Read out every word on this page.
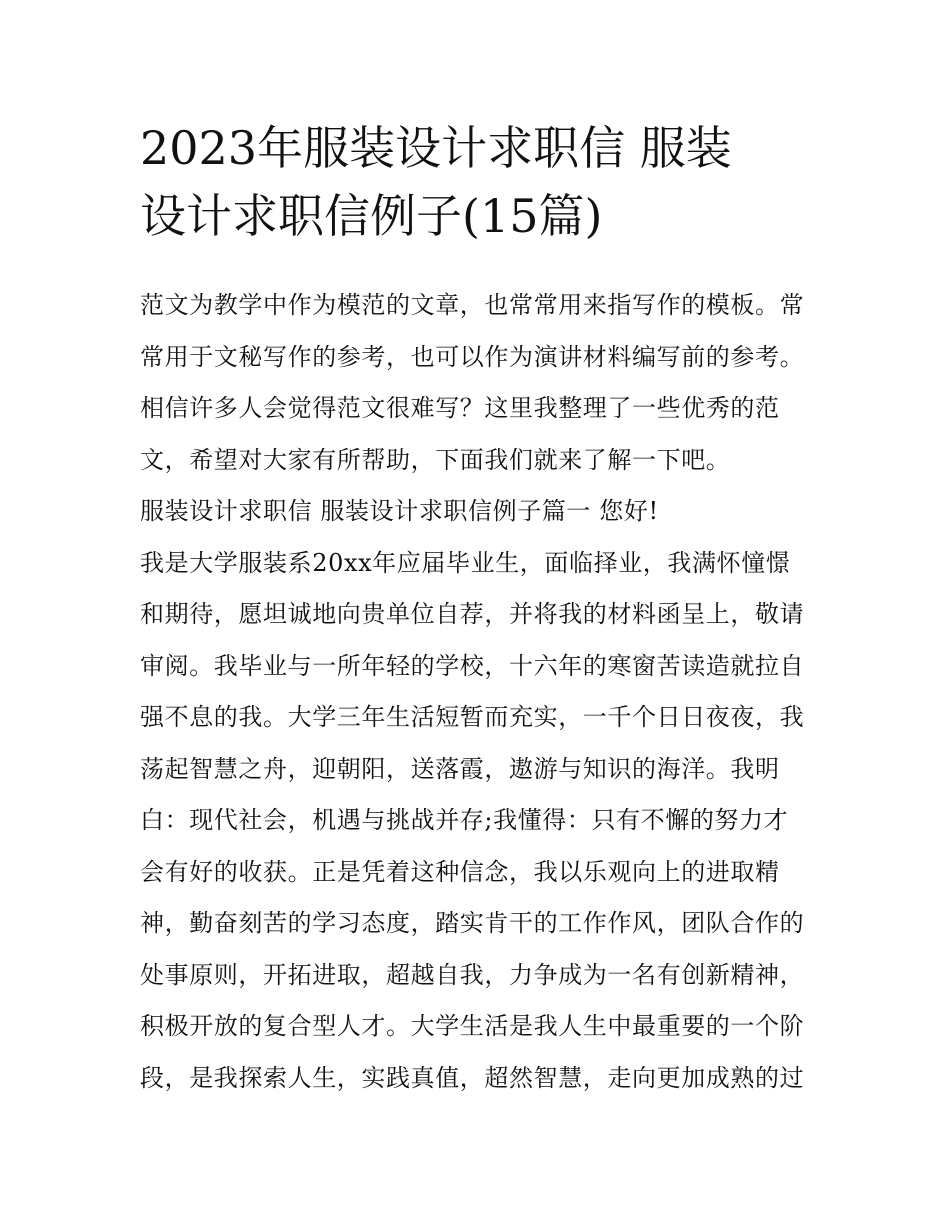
2023年服装设计求职信 服装
设计求职信例子(15篇)
范文为教学中作为模范的文章，也常常用来指写作的模板。常
常用于文秘写作的参考，也可以作为演讲材料编写前的参考。
相信许多人会觉得范文很难写？这里我整理了一些优秀的范
文，希望对大家有所帮助，下面我们就来了解一下吧。
服装设计求职信 服装设计求职信例子篇一 您好!
我是大学服装系20xx年应届毕业生，面临择业，我满怀憧憬
和期待，愿坦诚地向贵单位自荐，并将我的材料函呈上，敬请
审阅。我毕业与一所年轻的学校，十六年的寒窗苦读造就拉自
强不息的我。大学三年生活短暂而充实，一千个日日夜夜，我
荡起智慧之舟，迎朝阳，送落霞，遨游与知识的海洋。我明
白：现代社会，机遇与挑战并存;我懂得：只有不懈的努力才
会有好的收获。正是凭着这种信念，我以乐观向上的进取精
神，勤奋刻苦的学习态度，踏实肯干的工作作风，团队合作的
处事原则，开拓进取，超越自我，力争成为一名有创新精神，
积极开放的复合型人才。大学生活是我人生中最重要的一个阶
段，是我探索人生，实践真值，超然智慧，走向更加成熟的过
